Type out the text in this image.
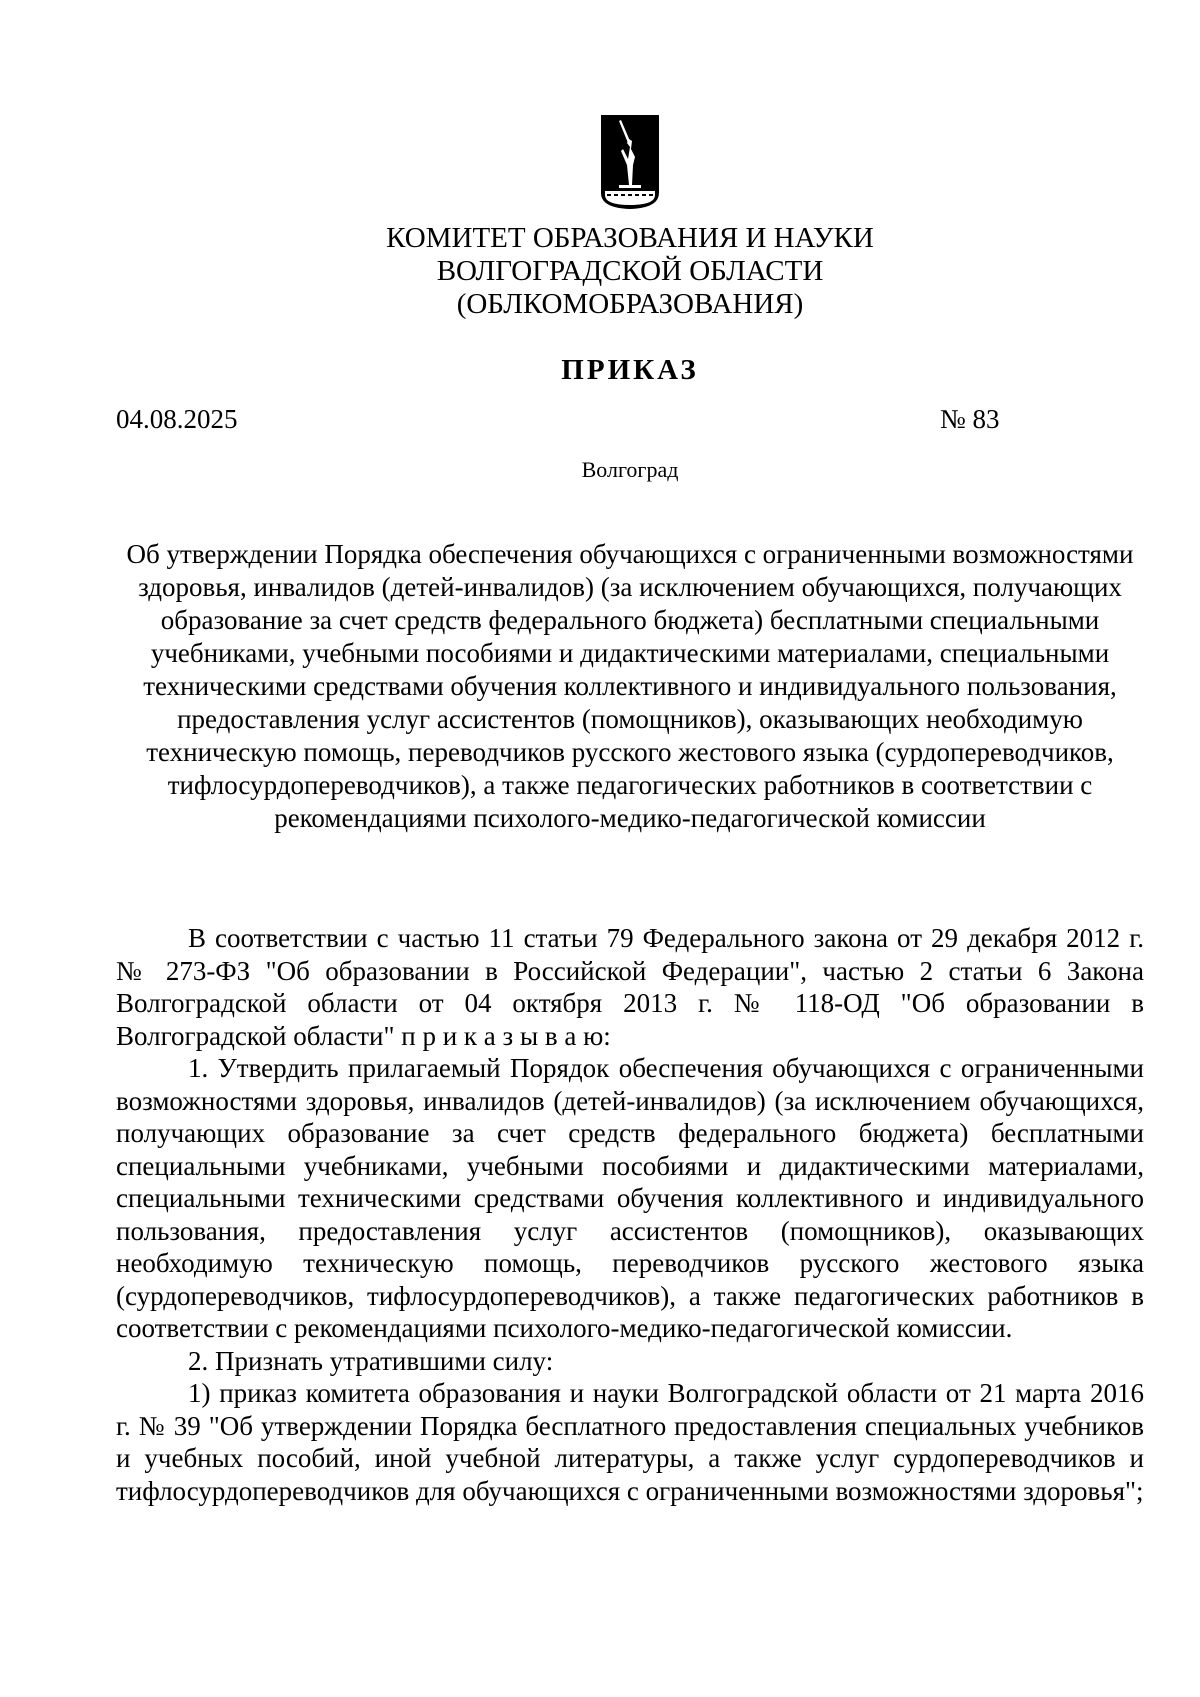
КОМИТЕТ ОБРАЗОВАНИЯ И НАУКИ
ВОЛГОГРАДСКОЙ ОБЛАСТИ
(ОБЛКОМОБРАЗОВАНИЯ)
ПРИКАЗ
04.08.2025	№ 83
Волгоград
Об утверждении Порядка обеспечения обучающихся с ограниченными возможностями здоровья, инвалидов (детей-инвалидов) (за исключением обучающихся, получающих образование за счет средств федерального бюджета) бесплатными специальными учебниками, учебными пособиями и дидактическими материалами, специальными техническими средствами обучения коллективного и индивидуального пользования, предоставления услуг ассистентов (помощников), оказывающих необходимую техническую помощь, переводчиков русского жестового языка (сурдопереводчиков, тифлосурдопереводчиков), а также педагогических работников в соответствии с рекомендациями психолого-медико-педагогической комиссии

В соответствии с частью 11 статьи 79 Федерального закона от 29 декабря 2012 г. № 273-ФЗ "Об образовании в Российской Федерации", частью 2 статьи 6 Закона Волгоградской области от 04 октября 2013 г. № 118-ОД "Об образовании в Волгоградской области" п р и к а з ы в а ю:

1. Утвердить прилагаемый Порядок обеспечения обучающихся с ограниченными возможностями здоровья, инвалидов (детей-инвалидов) (за исключением обучающихся, получающих образование за счет средств федерального бюджета) бесплатными специальными учебниками, учебными пособиями и дидактическими материалами, специальными техническими средствами обучения коллективного и индивидуального пользования, предоставления услуг ассистентов (помощников), оказывающих необходимую техническую помощь, переводчиков русского жестового языка (сурдопереводчиков, тифлосурдопереводчиков), а также педагогических работников в соответствии с рекомендациями психолого-медико-педагогической комиссии.

2. Признать утратившими силу:

1) приказ комитета образования и науки Волгоградской области от 21 марта 2016 г. № 39 "Об утверждении Порядка бесплатного предоставления специальных учебников и учебных пособий, иной учебной литературы, а также услуг сурдопереводчиков и тифлосурдопереводчиков для обучающихся с ограниченными возможностями здоровья";
